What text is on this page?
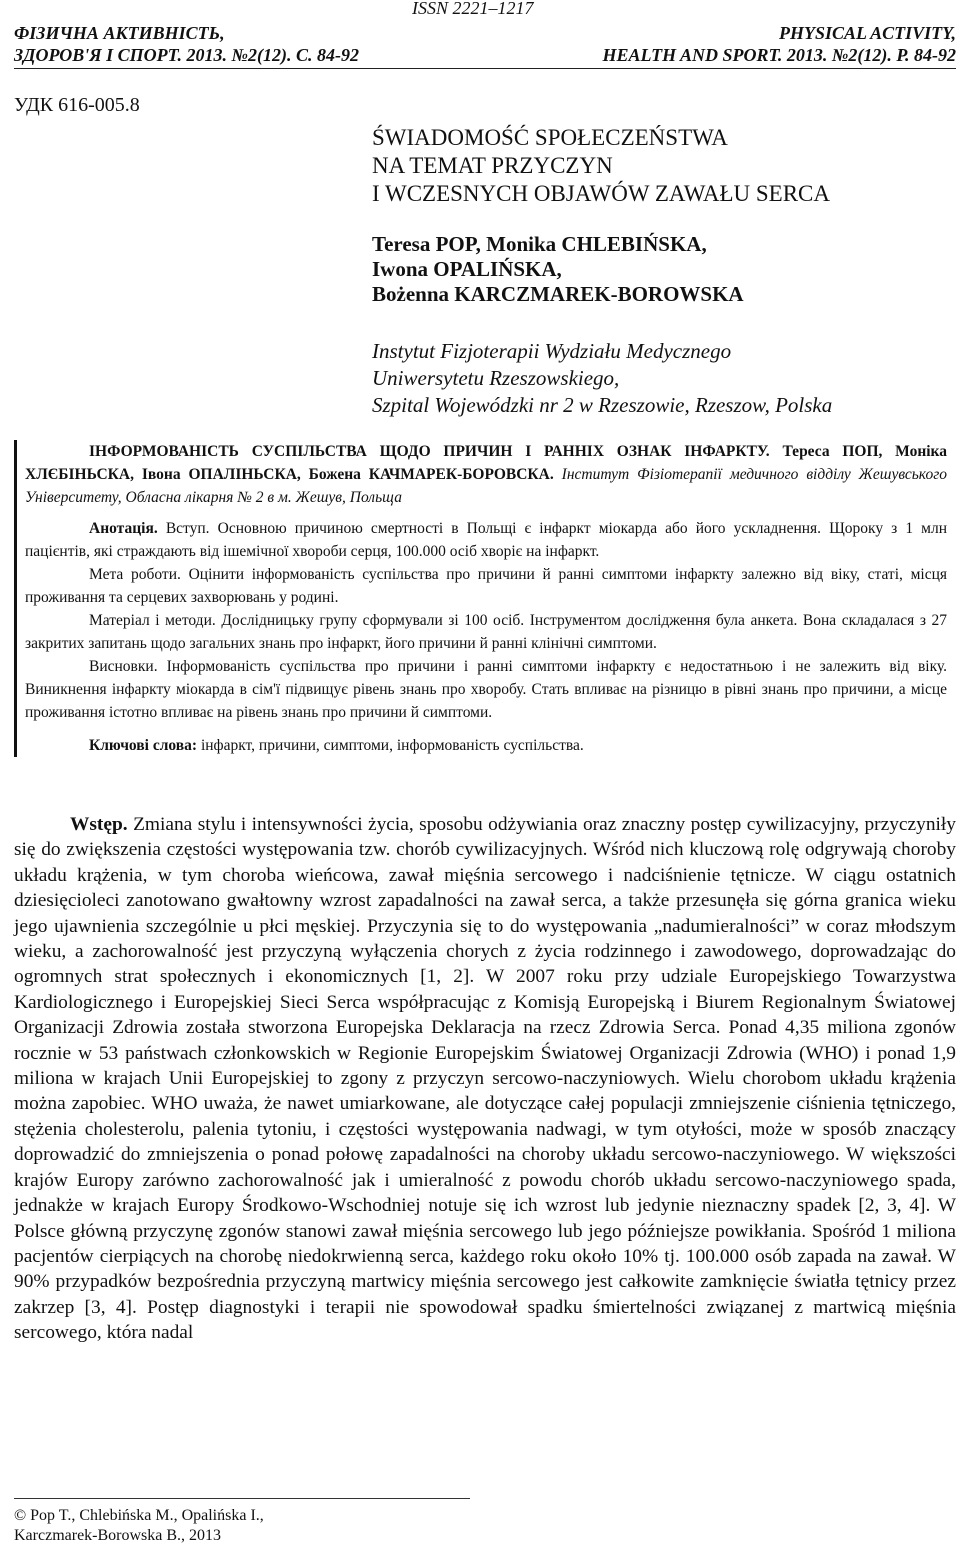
ISSN 2221–1217
ФІЗИЧНА АКТИВНІСТЬ,
ЗДОРОВ'Я І СПОРТ. 2013. №2(12). С. 84-92
PHYSICAL ACTIVITY,
HEALTH AND SPORT. 2013. №2(12). P. 84-92
УДК 616-005.8
ŚWIADOMOŚĆ SPOŁECZEŃSTWA
NA TEMAT PRZYCZYN
I WCZESNYCH OBJAWÓW ZAWAŁU SERCA
Teresa POP, Monika CHLEBIŃSKA,
Iwona OPALIŃSKA,
Bożenna KARCZMAREK-BOROWSKA
Instytut Fizjoterapii Wydziału Medycznego
Uniwersytetu Rzeszowskiego,
Szpital Wojewódzki nr 2 w Rzeszowie, Rzeszow, Polska

ІНФОРМОВАНІСТЬ СУСПІЛЬСТВА ЩОДО ПРИЧИН І РАННІХ ОЗНАК ІНФАРКТУ. Тереса ПОП, Моніка ХЛЄБІНЬСКА, Івона ОПАЛІНЬСКА, Божена КАЧМАРЕК-БОРОВСКА. Інститут Фізіотерапії медичного відділу Жешувського Університету, Обласна лікарня № 2 в м. Жешув, Польща

Анотація. Вступ. Основною причиною смертності в Польщі є інфаркт міокарда або його ускладнення. Щороку з 1 млн пацієнтів, які страждають від ішемічної хвороби серця, 100.000 осіб хворіє на інфаркт.

Мета роботи. Оцінити інформованість суспільства про причини й ранні симптоми інфаркту залежно від віку, статі, місця проживання та серцевих захворювань у родині.

Матеріал і методи. Дослідницьку групу сформували зі 100 осіб. Інструментом дослідження була анкета. Вона складалася з 27 закритих запитань щодо загальних знань про інфаркт, його причини й ранні клінічні симптоми.

Висновки. Інформованість суспільства про причини і ранні симптоми інфаркту є недостатньою і не залежить від віку. Виникнення інфаркту міокарда в сім'ї підвищує рівень знань про хворобу. Стать впливає на різницю в рівні знань про причини, а місце проживання істотно впливає на рівень знань про причини й симптоми.

Ключові слова: інфаркт, причини, симптоми, інформованість суспільства.

Wstęp. Zmiana stylu i intensywności życia, sposobu odżywiania oraz znaczny postęp cywilizacyjny, przyczyniły się do zwiększenia częstości występowania tzw. chorób cywilizacyjnych. Wśród nich kluczową rolę odgrywają choroby układu krążenia, w tym choroba wieńcowa, zawał mięśnia sercowego i nadciśnienie tętnicze. W ciągu ostatnich dziesięcioleci zanotowano gwałtowny wzrost zapadalności na zawał serca, a także przesunęła się górna granica wieku jego ujawnienia szczególnie u płci męskiej. Przyczynia się to do występowania „nadumieralności” w coraz młodszym wieku, a zachorowalność jest przyczyną wyłączenia chorych z życia rodzinnego i zawodowego, doprowadzając do ogromnych strat społecznych i ekonomicznych [1, 2]. W 2007 roku przy udziale Europejskiego Towarzystwa Kardiologicznego i Europejskiej Sieci Serca współpracując z Komisją Europejską i Biurem Regionalnym Światowej Organizacji Zdrowia została stworzona Europejska Deklaracja na rzecz Zdrowia Serca. Ponad 4,35 miliona zgonów rocznie w 53 państwach członkowskich w Regionie Europejskim Światowej Organizacji Zdrowia (WHO) i ponad 1,9 miliona w krajach Unii Europejskiej to zgony z przyczyn sercowo-naczyniowych. Wielu chorobom układu krążenia można zapobiec. WHO uważa, że nawet umiarkowane, ale dotyczące całej populacji zmniejszenie ciśnienia tętniczego, stężenia cholesterolu, palenia tytoniu, i częstości występowania nadwagi, w tym otyłości, może w sposób znaczący doprowadzić do zmniejszenia o ponad połowę zapadalności na choroby układu sercowo-naczyniowego. W większości krajów Europy zarówno zachorowalność jak i umieralność z powodu chorób układu sercowo-naczyniowego spada, jednakże w krajach Europy Środkowo-Wschodniej notuje się ich wzrost lub jedynie nieznaczny spadek [2, 3, 4]. W Polsce główną przyczynę zgonów stanowi zawał mięśnia sercowego lub jego późniejsze powikłania. Spośród 1 miliona pacjentów cierpiących na chorobę niedokrwienną serca, każdego roku około 10% tj. 100.000 osób zapada na zawał. W 90% przypadków bezpośrednia przyczyną martwicy mięśnia sercowego jest całkowite zamknięcie światła tętnicy przez zakrzep [3, 4]. Postęp diagnostyki i terapii nie spowodował spadku śmiertelności związanej z martwicą mięśnia sercowego, która nadal

© Pop T., Chlebińska M., Opalińska I.,
Karczmarek-Borowska B., 2013
